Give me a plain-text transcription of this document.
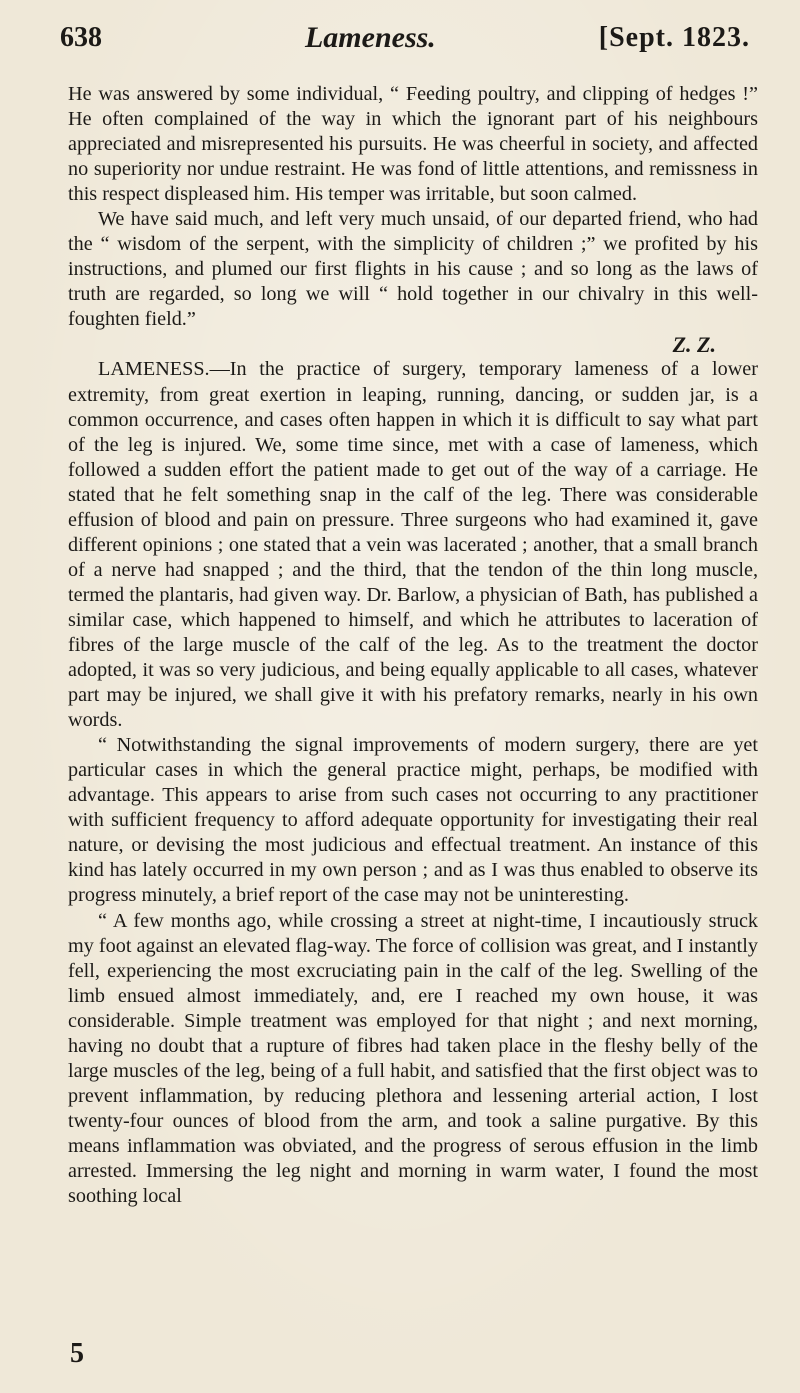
638	Lameness.	[Sept. 1823.

He was answered by some individual, “ Feeding poultry, and clipping of hedges !” He often complained of the way in which the ignorant part of his neighbours appreciated and misrepresented his pursuits. He was cheerful in society, and affected no superiority nor undue restraint. He was fond of little attentions, and remissness in this respect displeased him. His temper was irritable, but soon calmed.

We have said much, and left very much unsaid, of our departed friend, who had the “ wisdom of the serpent, with the simplicity of children ;” we profited by his instructions, and plumed our first flights in his cause ; and so long as the laws of truth are regarded, so long we will “ hold together in our chivalry in this well-foughten field.”

Z. Z.

LAMENESS.—In the practice of surgery, temporary lameness of a lower extremity, from great exertion in leaping, running, dancing, or sudden jar, is a common occurrence, and cases often happen in which it is difficult to say what part of the leg is injured. We, some time since, met with a case of lameness, which followed a sudden effort the patient made to get out of the way of a carriage. He stated that he felt something snap in the calf of the leg. There was considerable effusion of blood and pain on pressure. Three surgeons who had examined it, gave different opinions ; one stated that a vein was lacerated ; another, that a small branch of a nerve had snapped ; and the third, that the tendon of the thin long muscle, termed the plantaris, had given way. Dr. Barlow, a physician of Bath, has published a similar case, which happened to himself, and which he attributes to laceration of fibres of the large muscle of the calf of the leg. As to the treatment the doctor adopted, it was so very judicious, and being equally applicable to all cases, whatever part may be injured, we shall give it with his prefatory remarks, nearly in his own words.

“ Notwithstanding the signal improvements of modern surgery, there are yet particular cases in which the general practice might, perhaps, be modified with advantage. This appears to arise from such cases not occurring to any practitioner with sufficient frequency to afford adequate opportunity for investigating their real nature, or devising the most judicious and effectual treatment. An instance of this kind has lately occurred in my own person ; and as I was thus enabled to observe its progress minutely, a brief report of the case may not be uninteresting.

“ A few months ago, while crossing a street at night-time, I incautiously struck my foot against an elevated flag-way. The force of collision was great, and I instantly fell, experiencing the most excruciating pain in the calf of the leg. Swelling of the limb ensued almost immediately, and, ere I reached my own house, it was considerable. Simple treatment was employed for that night ; and next morning, having no doubt that a rupture of fibres had taken place in the fleshy belly of the large muscles of the leg, being of a full habit, and satisfied that the first object was to prevent inflammation, by reducing plethora and lessening arterial action, I lost twenty-four ounces of blood from the arm, and took a saline purgative. By this means inflammation was obviated, and the progress of serous effusion in the limb arrested. Immersing the leg night and morning in warm water, I found the most soothing local

5
